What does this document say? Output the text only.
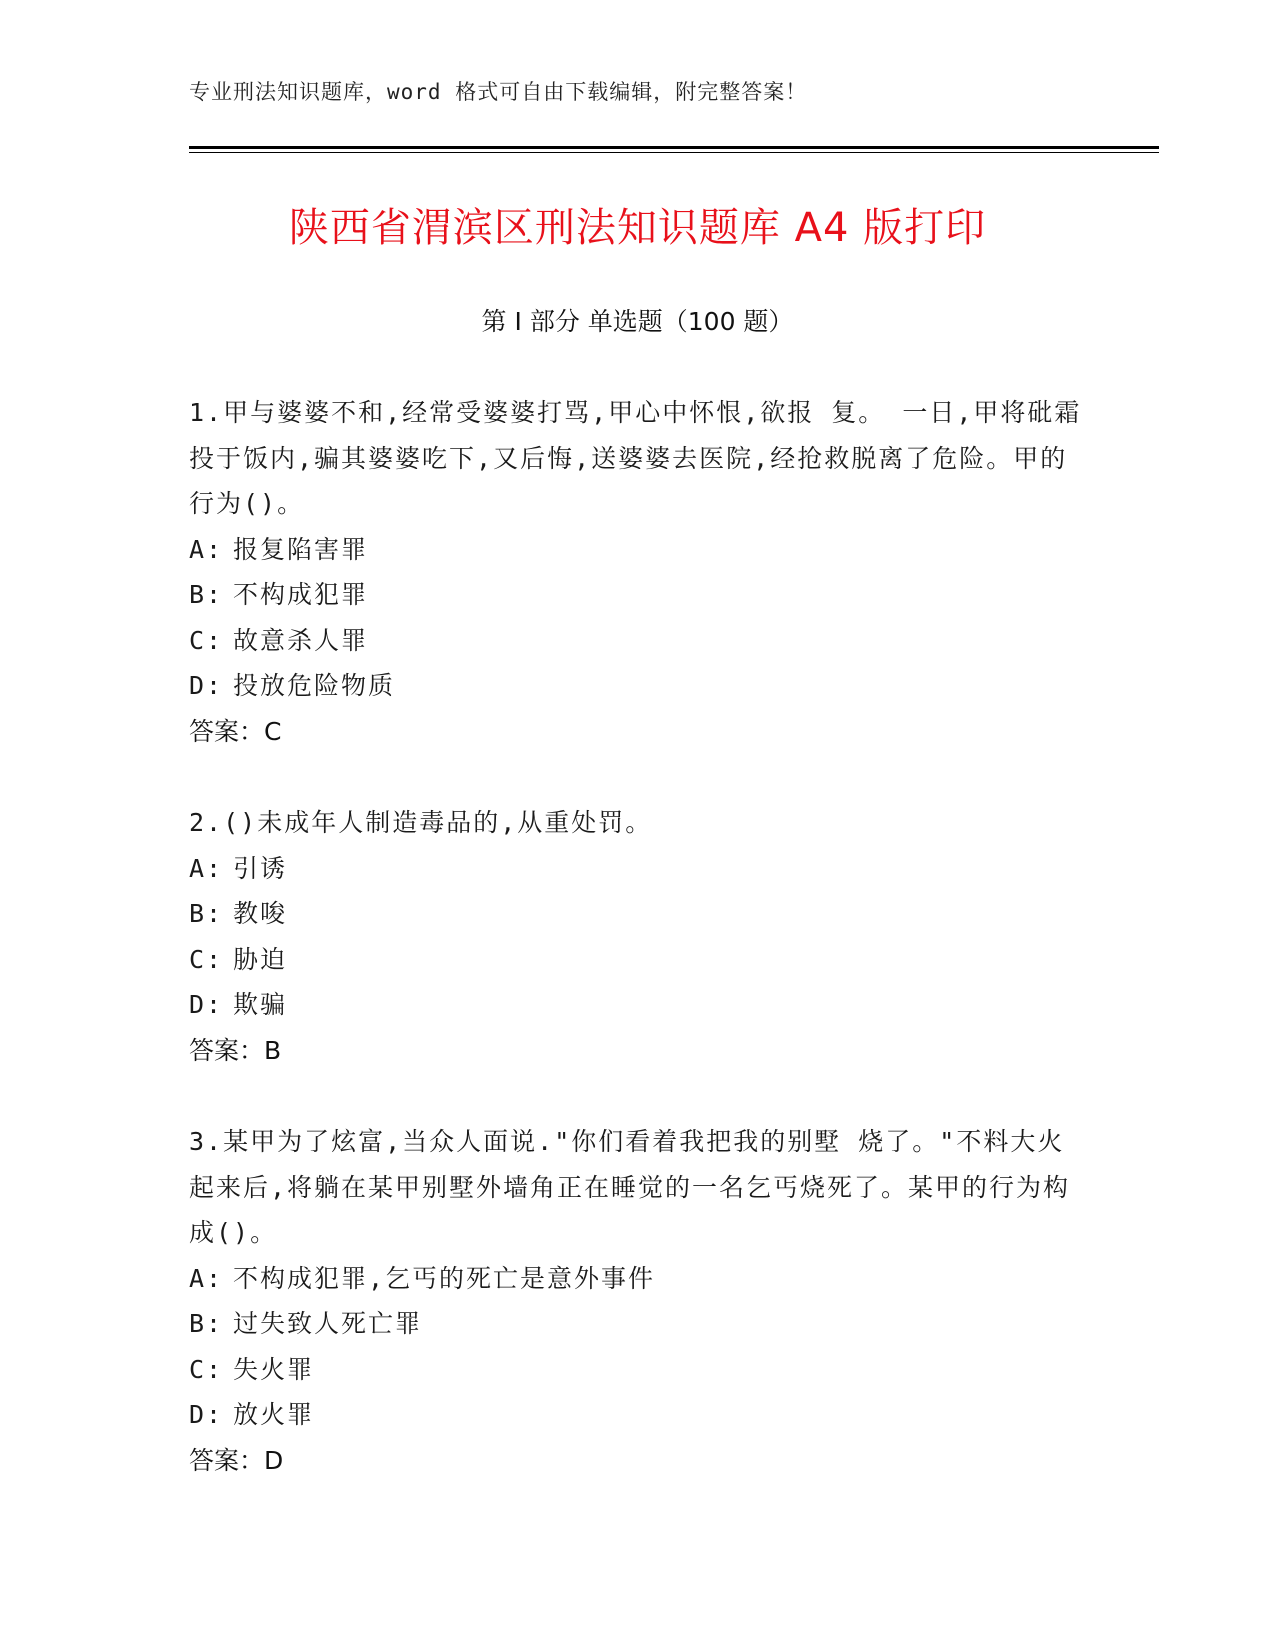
专业刑法知识题库，word 格式可自由下载编辑，附完整答案！
陕西省渭滨区刑法知识题库 A4 版打印
第 I 部分 单选题（100 题）
1.甲与婆婆不和,经常受婆婆打骂,甲心中怀恨,欲报 复。 一日,甲将砒霜投于饭内,骗其婆婆吃下,又后悔,送婆婆去医院,经抢救脱离了危险。甲的行为()。
A: 报复陷害罪
B: 不构成犯罪
C: 故意杀人罪
D: 投放危险物质
答案：C
2.()未成年人制造毒品的,从重处罚。
A: 引诱
B: 教唆
C: 胁迫
D: 欺骗
答案：B
3.某甲为了炫富,当众人面说."你们看着我把我的别墅 烧了。"不料大火起来后,将躺在某甲别墅外墙角正在睡觉的一名乞丐烧死了。某甲的行为构成()。
A: 不构成犯罪,乞丐的死亡是意外事件
B: 过失致人死亡罪
C: 失火罪
D: 放火罪
答案：D
